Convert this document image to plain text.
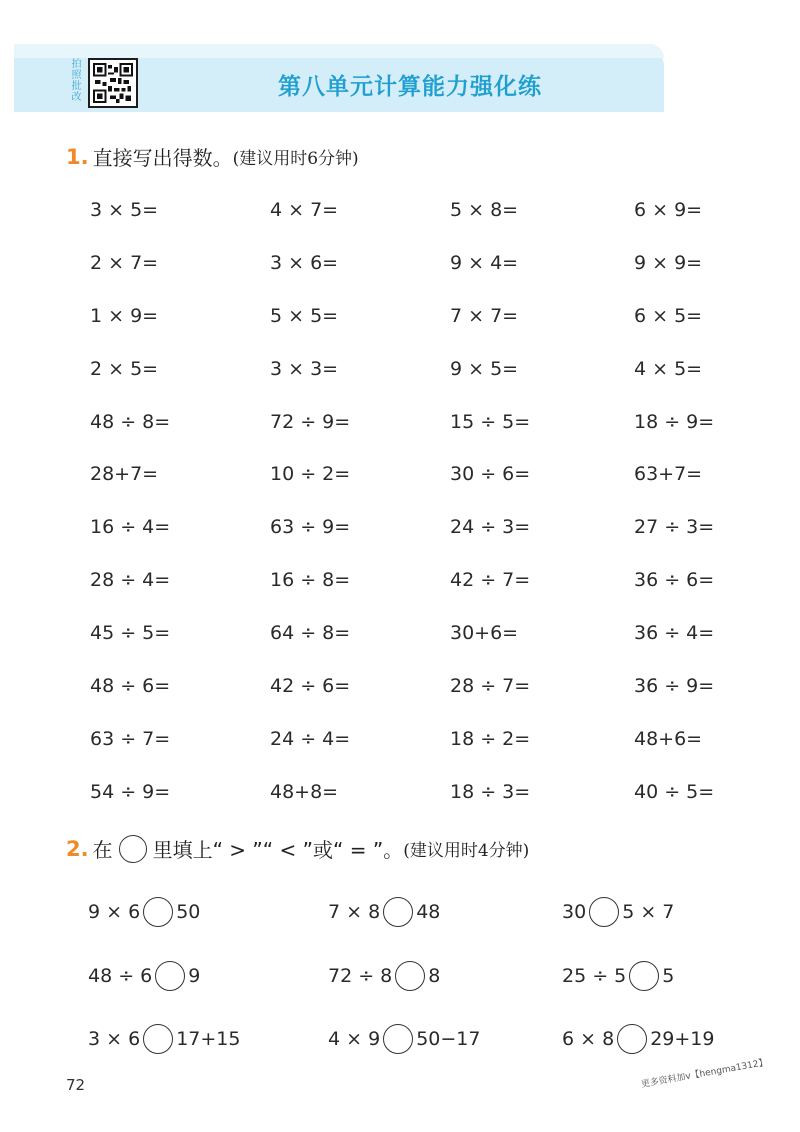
拍照批改	第八单元计算能力强化练
1. 直接写出得数。 (建议用时6分钟)
3 × 5=	4 × 7=	5 × 8=	6 × 9=
2 × 7=	3 × 6=	9 × 4=	9 × 9=
1 × 9=	5 × 5=	7 × 7=	6 × 5=
2 × 5=	3 × 3=	9 × 5=	4 × 5=
48 ÷ 8=	72 ÷ 9=	15 ÷ 5=	18 ÷ 9=
28+7=	10 ÷ 2=	30 ÷ 6=	63+7=
16 ÷ 4=	63 ÷ 9=	24 ÷ 3=	27 ÷ 3=
28 ÷ 4=	16 ÷ 8=	42 ÷ 7=	36 ÷ 6=
45 ÷ 5=	64 ÷ 8=	30+6=	36 ÷ 4=
48 ÷ 6=	42 ÷ 6=	28 ÷ 7=	36 ÷ 9=
63 ÷ 7=	24 ÷ 4=	18 ÷ 2=	48+6=
54 ÷ 9=	48+8=	18 ÷ 3=	40 ÷ 5=
2. 在 里填上“ > ”“ < ”或“ = ”。 (建议用时4分钟)
9 × 6 50	7 × 8 48	30 5 × 7
48 ÷ 6 9	72 ÷ 8 8	25 ÷ 5 5
3 × 6 17+15	4 × 9 50−17	6 × 8 29+19
72	更多资料加v【hengma1312】
